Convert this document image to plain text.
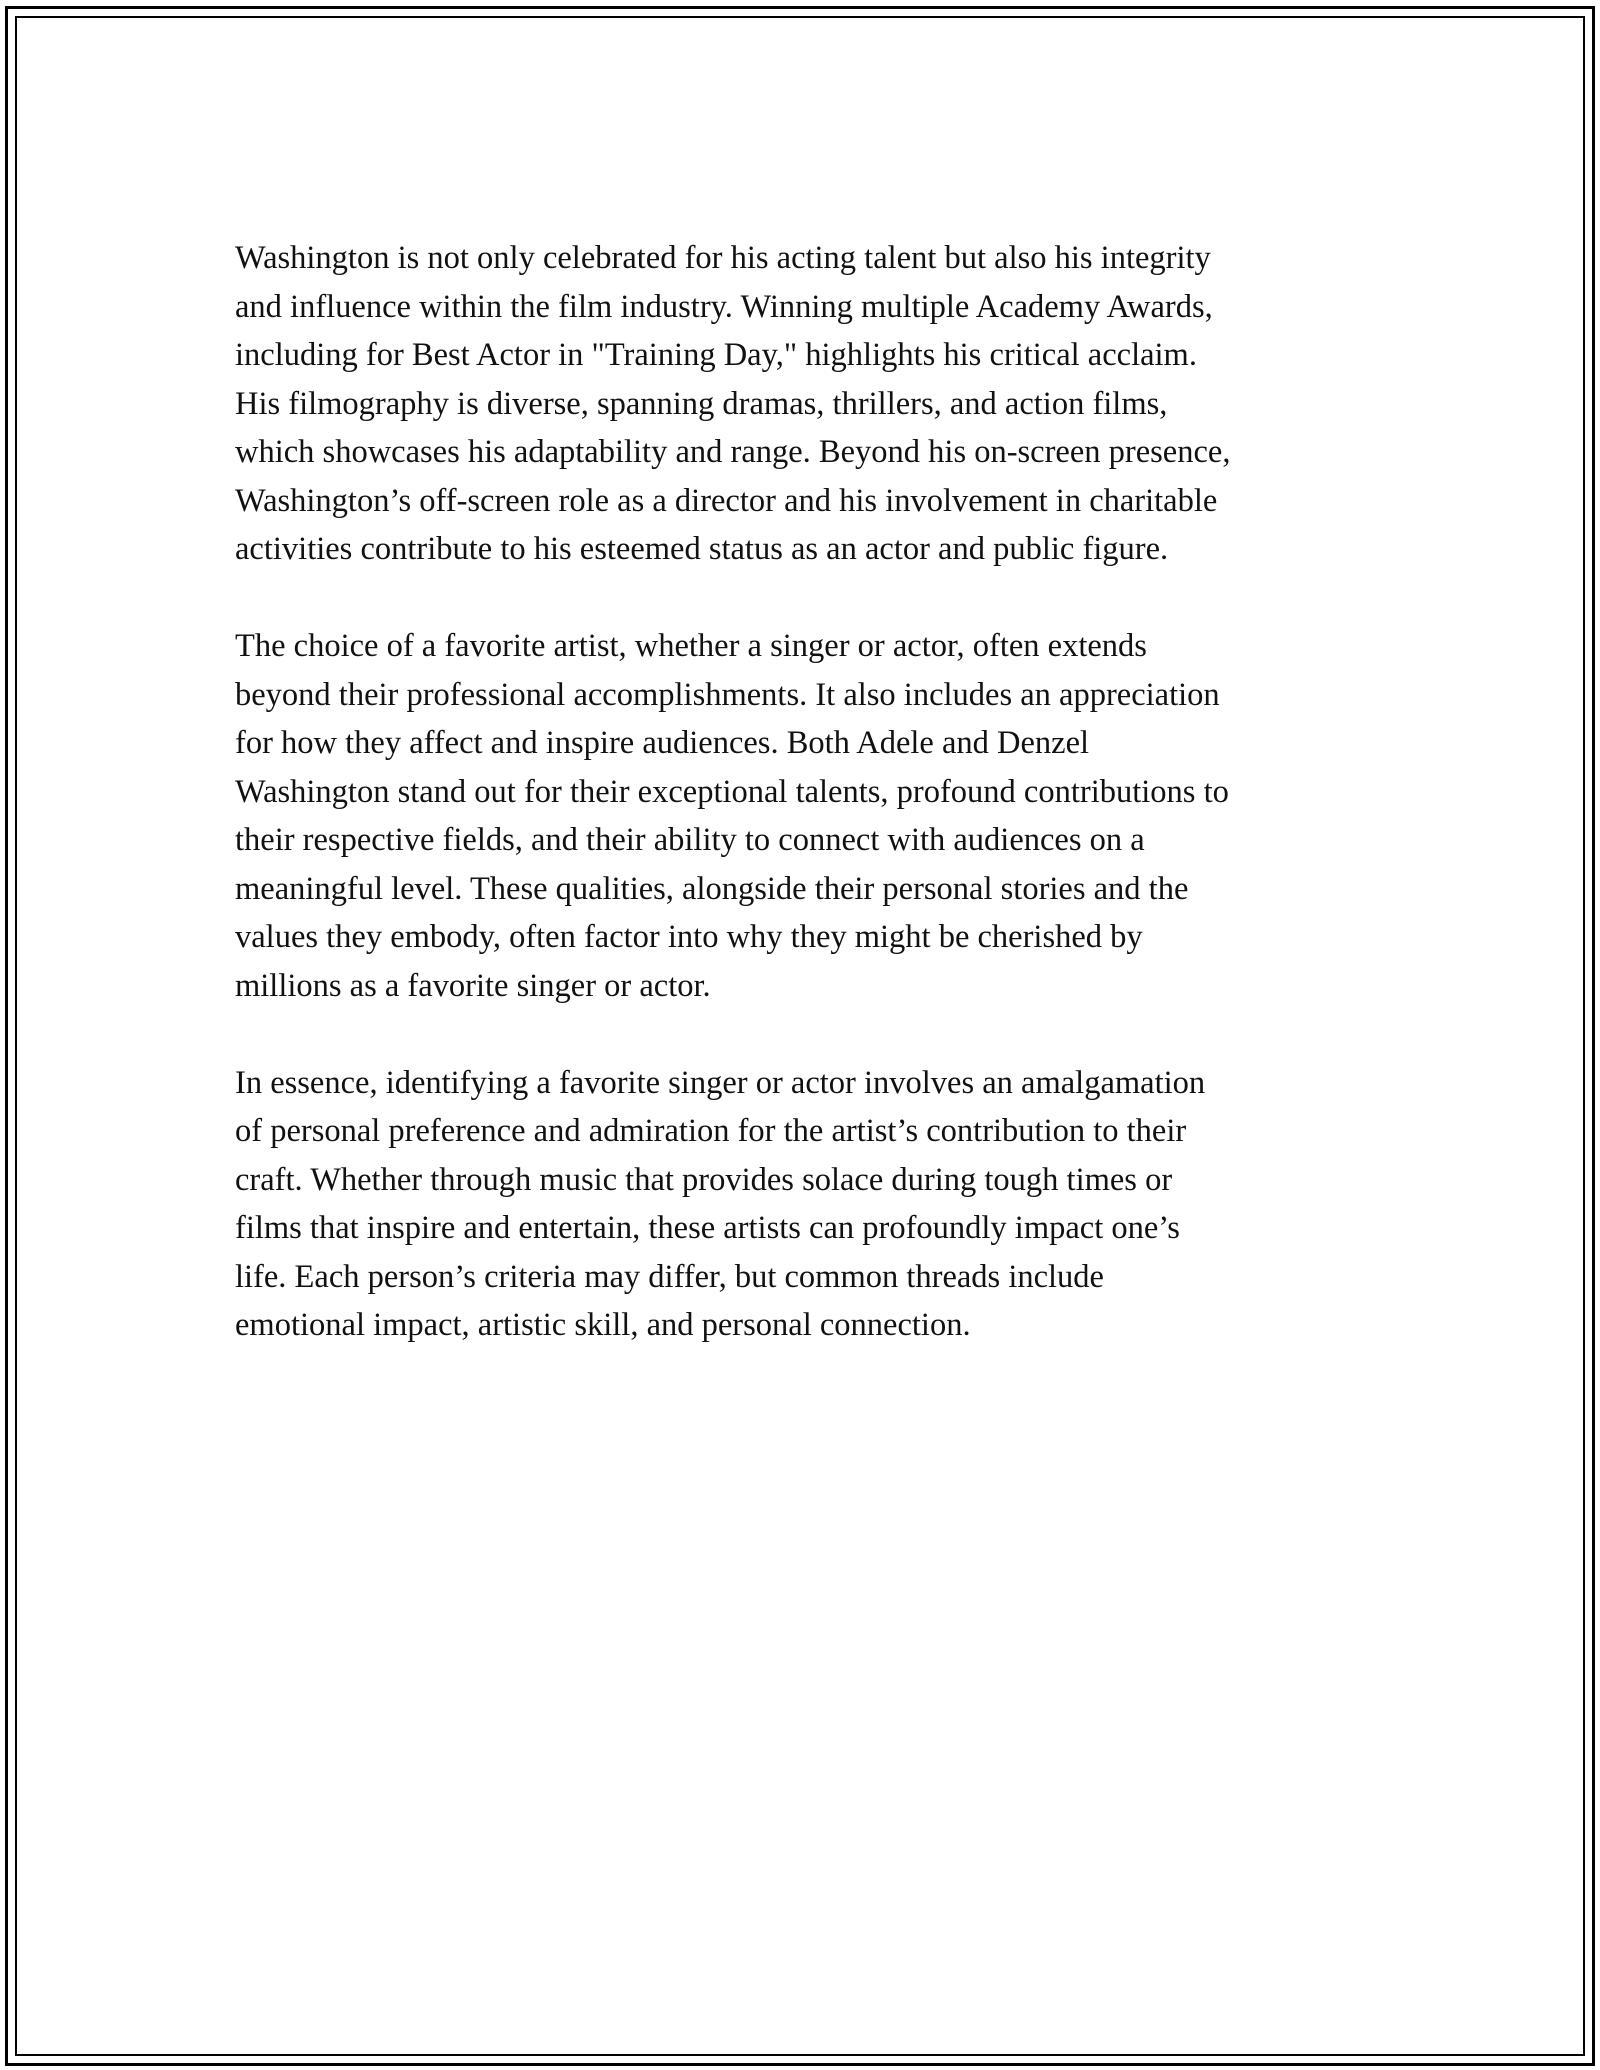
Washington is not only celebrated for his acting talent but also his integrity
and influence within the film industry. Winning multiple Academy Awards,
including for Best Actor in "Training Day," highlights his critical acclaim.
His filmography is diverse, spanning dramas, thrillers, and action films,
which showcases his adaptability and range. Beyond his on-screen presence,
Washington’s off-screen role as a director and his involvement in charitable
activities contribute to his esteemed status as an actor and public figure.

The choice of a favorite artist, whether a singer or actor, often extends
beyond their professional accomplishments. It also includes an appreciation
for how they affect and inspire audiences. Both Adele and Denzel
Washington stand out for their exceptional talents, profound contributions to
their respective fields, and their ability to connect with audiences on a
meaningful level. These qualities, alongside their personal stories and the
values they embody, often factor into why they might be cherished by
millions as a favorite singer or actor.

In essence, identifying a favorite singer or actor involves an amalgamation
of personal preference and admiration for the artist’s contribution to their
craft. Whether through music that provides solace during tough times or
films that inspire and entertain, these artists can profoundly impact one’s
life. Each person’s criteria may differ, but common threads include
emotional impact, artistic skill, and personal connection.
